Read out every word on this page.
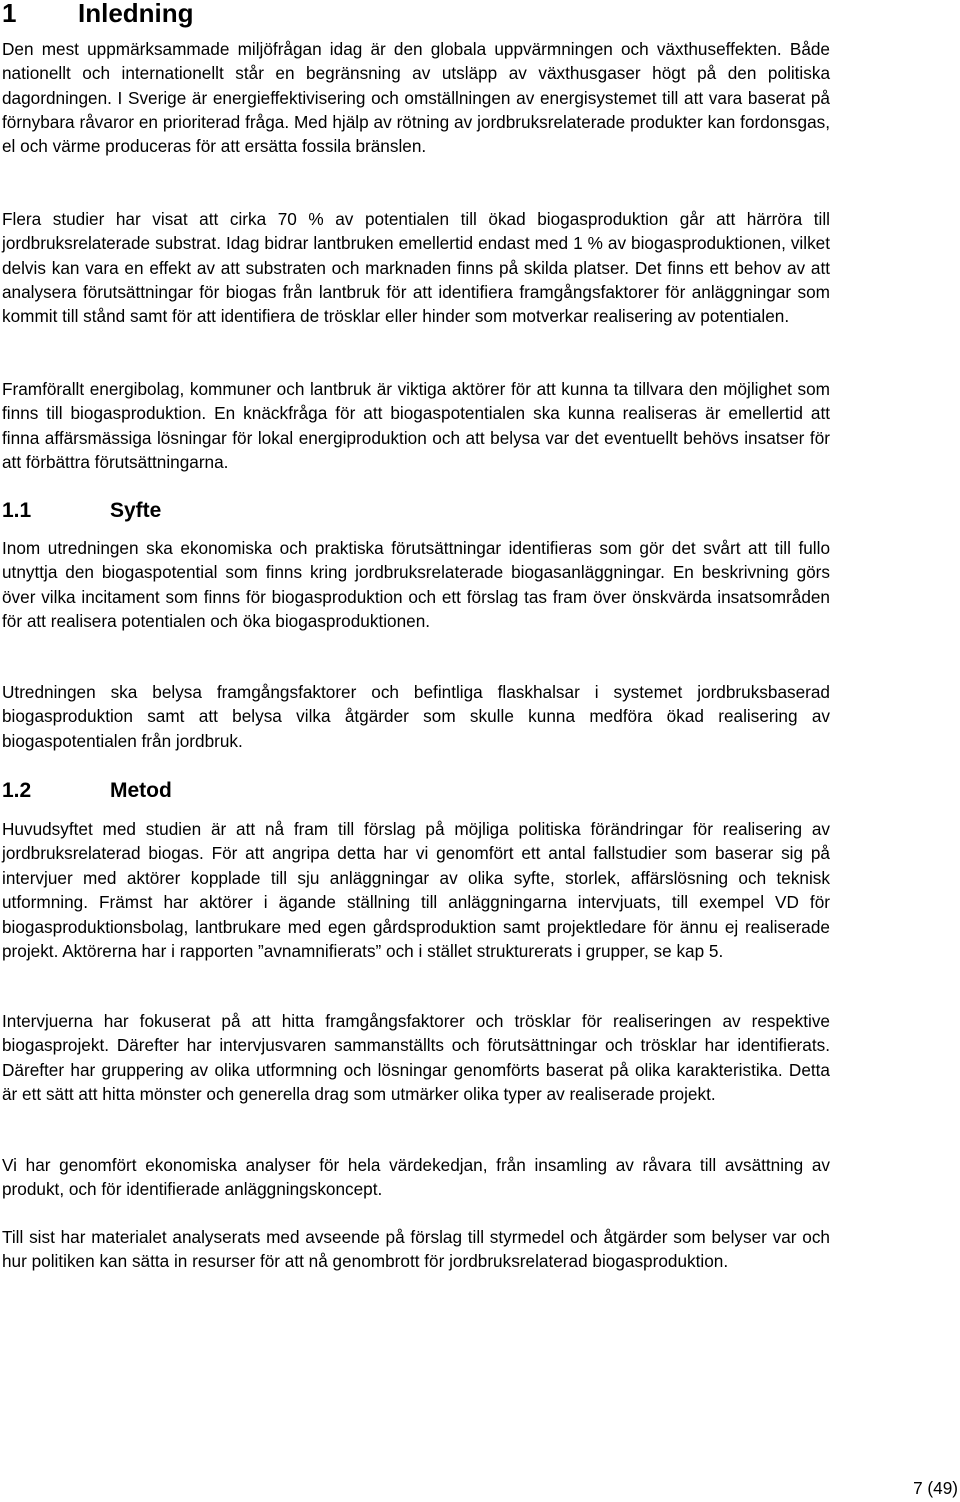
1 Inledning

Den mest uppmärksammade miljöfrågan idag är den globala uppvärmningen och växthuseffekten. Både nationellt och internationellt står en begränsning av utsläpp av växthusgaser högt på den politiska dagordningen. I Sverige är energieffektivisering och omställningen av energisystemet till att vara baserat på förnybara råvaror en prioriterad fråga. Med hjälp av rötning av jordbruksrelaterade produkter kan fordonsgas, el och värme produceras för att ersätta fossila bränslen.

Flera studier har visat att cirka 70 % av potentialen till ökad biogasproduktion går att härröra till jordbruksrelaterade substrat. Idag bidrar lantbruken emellertid endast med 1 % av biogasproduktionen, vilket delvis kan vara en effekt av att substraten och marknaden finns på skilda platser. Det finns ett behov av att analysera förutsättningar för biogas från lantbruk för att identifiera framgångsfaktorer för anläggningar som kommit till stånd samt för att identifiera de trösklar eller hinder som motverkar realisering av potentialen.

Framförallt energibolag, kommuner och lantbruk är viktiga aktörer för att kunna ta tillvara den möjlighet som finns till biogasproduktion. En knäckfråga för att biogaspotentialen ska kunna realiseras är emellertid att finna affärsmässiga lösningar för lokal energiproduktion och att belysa var det eventuellt behövs insatser för att förbättra förutsättningarna.

1.1	Syfte

Inom utredningen ska ekonomiska och praktiska förutsättningar identifieras som gör det svårt att till fullo utnyttja den biogaspotential som finns kring jordbruksrelaterade biogasanläggningar. En beskrivning görs över vilka incitament som finns för biogasproduktion och ett förslag tas fram över önskvärda insatsområden för att realisera potentialen och öka biogasproduktionen.

Utredningen ska belysa framgångsfaktorer och befintliga flaskhalsar i systemet jordbruksbaserad biogasproduktion samt att belysa vilka åtgärder som skulle kunna medföra ökad realisering av biogaspotentialen från jordbruk.

1.2	Metod

Huvudsyftet med studien är att nå fram till förslag på möjliga politiska förändringar för realisering av jordbruksrelaterad biogas. För att angripa detta har vi genomfört ett antal fallstudier som baserar sig på intervjuer med aktörer kopplade till sju anläggningar av olika syfte, storlek, affärslösning och teknisk utformning. Främst har aktörer i ägande ställning till anläggningarna intervjuats, till exempel VD för biogasproduktionsbolag, lantbrukare med egen gårdsproduktion samt projektledare för ännu ej realiserade projekt. Aktörerna har i rapporten ”avnamnifierats” och i stället strukturerats i grupper, se kap 5.

Intervjuerna har fokuserat på att hitta framgångsfaktorer och trösklar för realiseringen av respektive biogasprojekt. Därefter har intervjusvaren sammanställts och förutsättningar och trösklar har identifierats. Därefter har gruppering av olika utformning och lösningar genomförts baserat på olika karakteristika. Detta är ett sätt att hitta mönster och generella drag som utmärker olika typer av realiserade projekt.

Vi har genomfört ekonomiska analyser för hela värdekedjan, från insamling av råvara till avsättning av produkt, och för identifierade anläggningskoncept.

Till sist har materialet analyserats med avseende på förslag till styrmedel och åtgärder som belyser var och hur politiken kan sätta in resurser för att nå genombrott för jordbruksrelaterad biogasproduktion.

7 (49)
